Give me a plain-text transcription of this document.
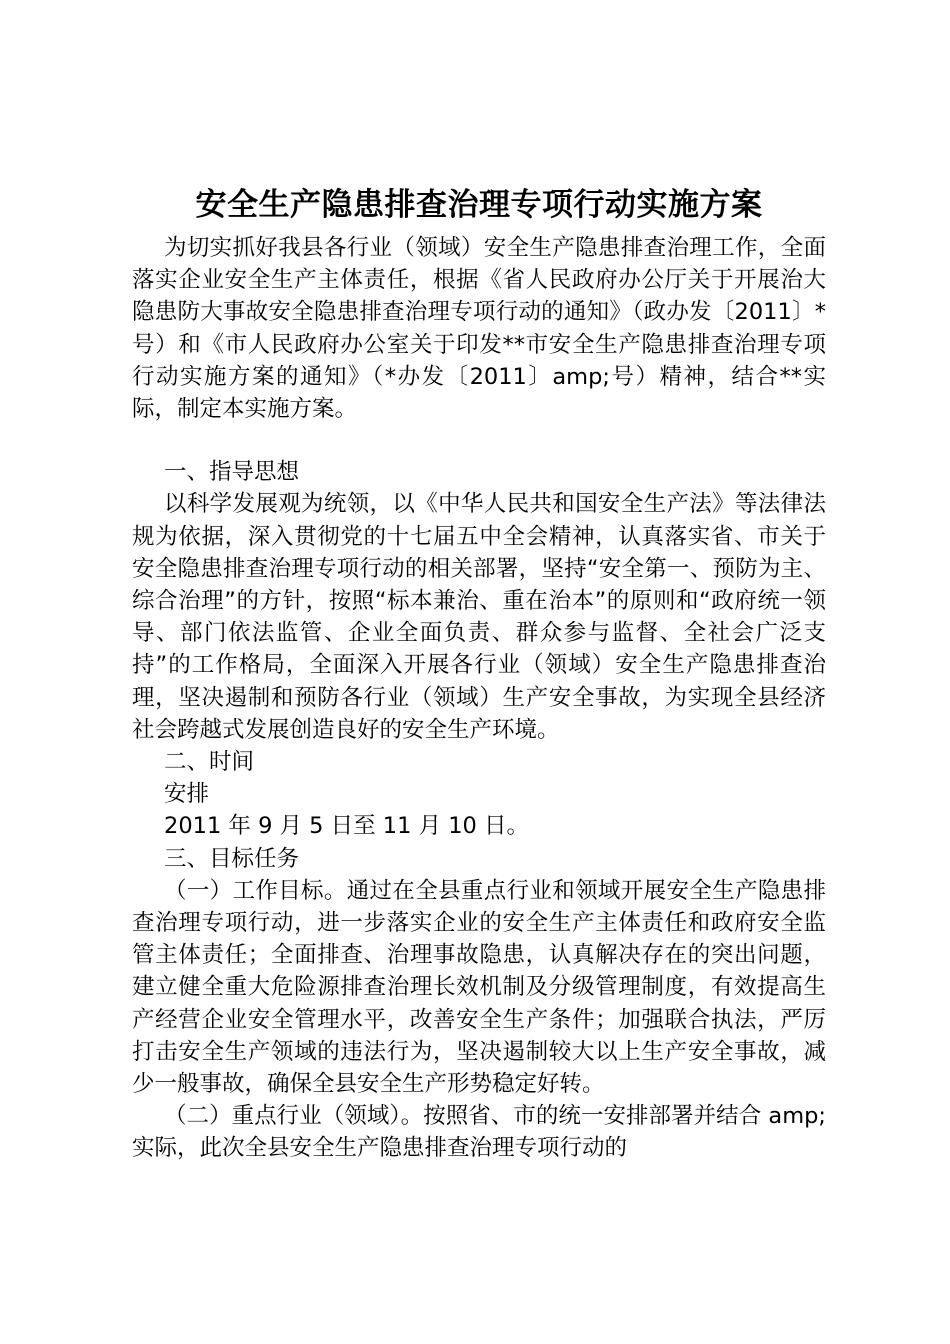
安全生产隐患排查治理专项行动实施方案

为切实抓好我县各行业（领域）安全生产隐患排查治理工作，全面落实企业安全生产主体责任，根据《省人民政府办公厅关于开展治大隐患防大事故安全隐患排查治理专项行动的通知》（政办发〔2011〕*号）和《市人民政府办公室关于印发**市安全生产隐患排查治理专项行动实施方案的通知》（*办发〔2011〕amp;号）精神，结合**实际，制定本实施方案。

一、指导思想

以科学发展观为统领，以《中华人民共和国安全生产法》等法律法规为依据，深入贯彻党的十七届五中全会精神，认真落实省、市关于安全隐患排查治理专项行动的相关部署，坚持“安全第一、预防为主、综合治理”的方针，按照“标本兼治、重在治本”的原则和“政府统一领导、部门依法监管、企业全面负责、群众参与监督、全社会广泛支持”的工作格局，全面深入开展各行业（领域）安全生产隐患排查治理，坚决遏制和预防各行业（领域）生产安全事故，为实现全县经济社会跨越式发展创造良好的安全生产环境。

二、时间

安排

2011 年 9 月 5 日至 11 月 10 日。

三、目标任务

（一）工作目标。通过在全县重点行业和领域开展安全生产隐患排查治理专项行动，进一步落实企业的安全生产主体责任和政府安全监管主体责任；全面排查、治理事故隐患，认真解决存在的突出问题，建立健全重大危险源排查治理长效机制及分级管理制度，有效提高生产经营企业安全管理水平，改善安全生产条件；加强联合执法，严厉打击安全生产领域的违法行为，坚决遏制较大以上生产安全事故，减少一般事故，确保全县安全生产形势稳定好转。

（二）重点行业（领域）。按照省、市的统一安排部署并结合 amp;实际，此次全县安全生产隐患排查治理专项行动的
